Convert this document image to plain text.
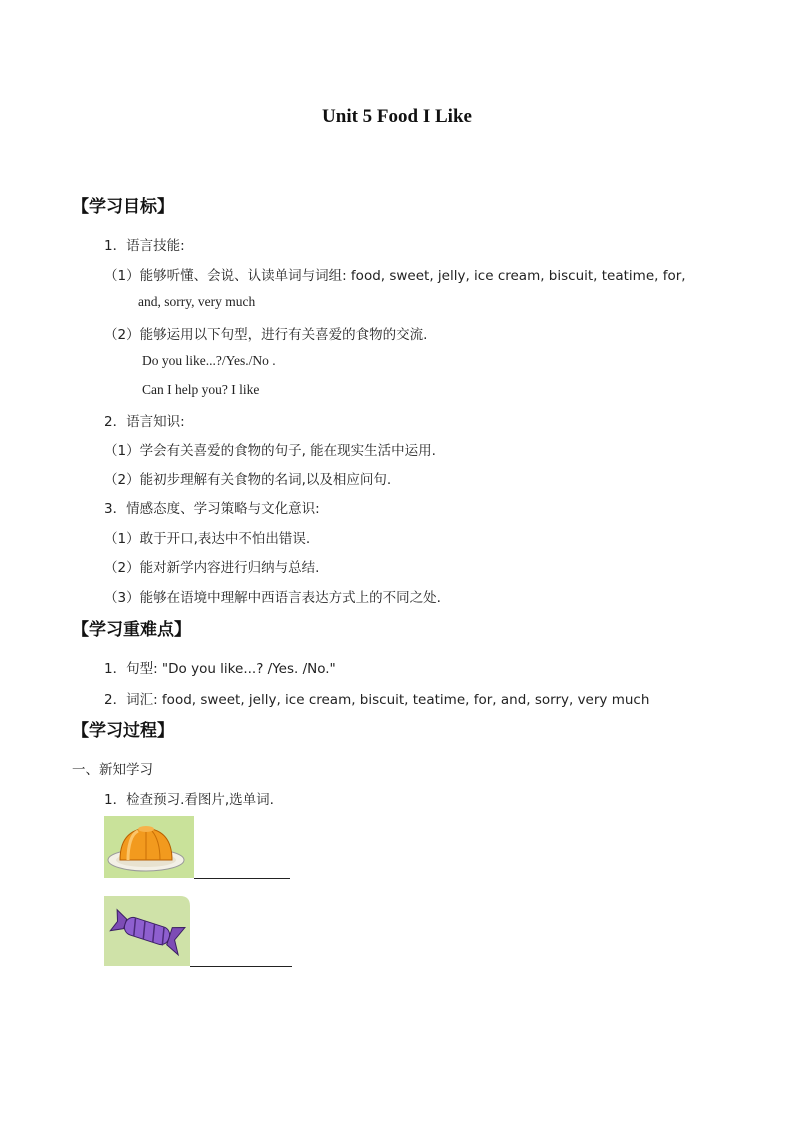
Unit 5 Food I Like
【学习目标】
1．语言技能:
（1）能够听懂、会说、认读单词与词组: food, sweet, jelly, ice cream, biscuit, teatime, for,
and, sorry, very much
（2）能够运用以下句型，进行有关喜爱的食物的交流.
Do you like...?/Yes./No .
Can I help you? I like
2．语言知识:
（1）学会有关喜爱的食物的句子, 能在现实生活中运用.
（2）能初步理解有关食物的名词,以及相应问句.
3．情感态度、学习策略与文化意识:
（1）敢于开口,表达中不怕出错误.
（2）能对新学内容进行归纳与总结.
（3）能够在语境中理解中西语言表达方式上的不同之处.
【学习重难点】
1．句型: "Do you like...? /Yes. /No."
2．词汇: food, sweet, jelly, ice cream, biscuit, teatime, for, and, sorry, very much
【学习过程】
一、新知学习
1．检查预习.看图片,选单词.
